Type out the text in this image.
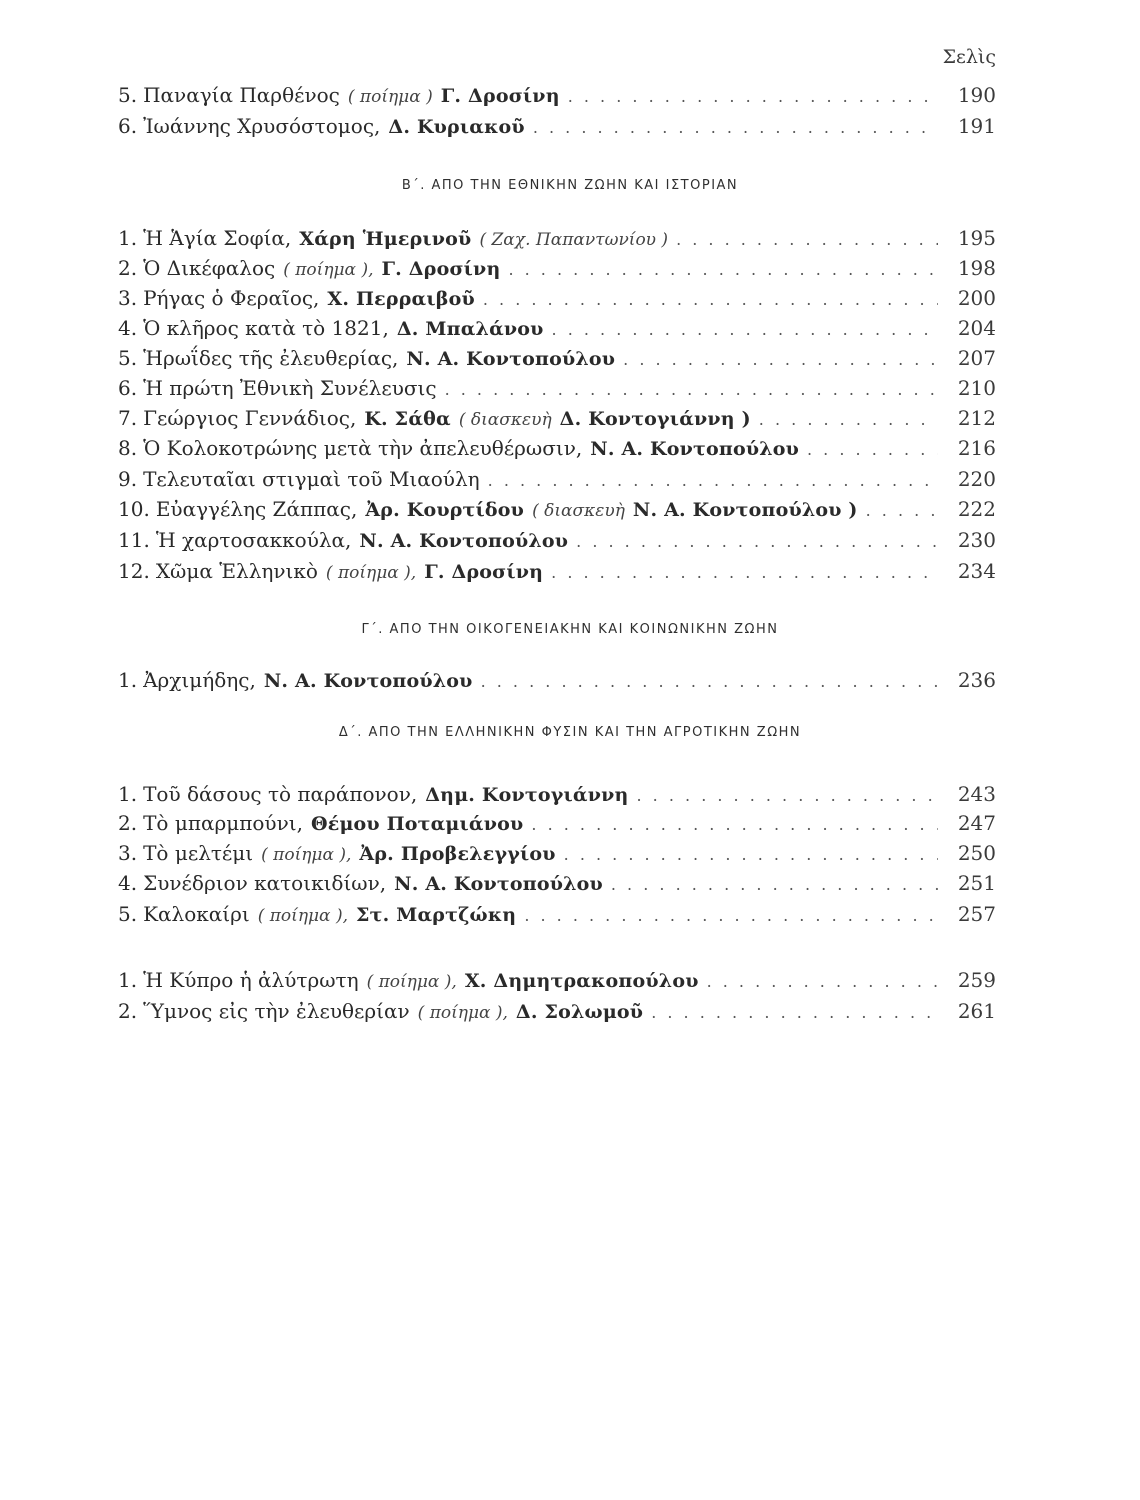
Σελὶς
5. Παναγία Παρθένος ( ποίημα ) Γ. Δροσίνη . . .	190
6. Ἰωάννης Χρυσόστομος, Δ. Κυριακοῦ . . .	191
Β΄. ΑΠΟ ΤΗΝ ΕΘΝΙΚΗΝ ΖΩΗΝ ΚΑΙ ΙΣΤΟΡΙΑΝ
1. Ἡ Ἁγία Σοφία, Χάρη Ἡμερινοῦ ( Ζαχ. Παπαντωνίου ) . . .	195
2. Ὁ Δικέφαλος ( ποίημα ), Γ. Δροσίνη . . .	198
3. Ρήγας ὁ Φεραῖος, Χ. Περραιβοῦ . . .	200
4. Ὁ κλῆρος κατὰ τὸ 1821, Δ. Μπαλάνου . . .	204
5. Ἡρωΐδες τῆς ἐλευθερίας, Ν. Α. Κοντοπούλου . . .	207
6. Ἡ πρώτη Ἐθνικὴ Συνέλευσις . . .	210
7. Γεώργιος Γεννάδιος, Κ. Σάθα ( διασκευὴ Δ. Κοντογιάννη ) . . .	212
8. Ὁ Κολοκοτρώνης μετὰ τὴν ἀπελευθέρωσιν, Ν. Α. Κοντοπούλου . . .	216
9. Τελευταῖαι στιγμαὶ τοῦ Μιαούλη . . .	220
10. Εὐαγγέλης Ζάππας, Ἀρ. Κουρτίδου ( διασκευὴ Ν. Α. Κοντοπούλου ) . . .	222
11. Ἡ χαρτοσακκούλα, Ν. Α. Κοντοπούλου . . .	230
12. Χῶμα Ἑλληνικὸ ( ποίημα ), Γ. Δροσίνη . . .	234
Γ΄. ΑΠΟ ΤΗΝ ΟΙΚΟΓΕΝΕΙΑΚΗΝ ΚΑΙ ΚΟΙΝΩΝΙΚΗΝ ΖΩΗΝ
1. Ἀρχιμήδης, Ν. Α. Κοντοπούλου . . .	236
Δ΄. ΑΠΟ ΤΗΝ ΕΛΛΗΝΙΚΗΝ ΦΥΣΙΝ ΚΑΙ ΤΗΝ ΑΓΡΟΤΙΚΗΝ ΖΩΗΝ
1. Τοῦ δάσους τὸ παράπονον, Δημ. Κοντογιάννη . . .	243
2. Τὸ μπαρμπούνι, Θέμου Ποταμιάνου . . .	247
3. Τὸ μελτέμι ( ποίημα ), Ἀρ. Προβελεγγίου . . .	250
4. Συνέδριον κατοικιδίων, Ν. Α. Κοντοπούλου . . .	251
5. Καλοκαίρι ( ποίημα ), Στ. Μαρτζώκη . . .	257
1. Ἡ Κύπρο ἡ ἀλύτρωτη ( ποίημα ), Χ. Δημητρακοπούλου . . .	259
2. Ὕμνος εἰς τὴν ἐλευθερίαν ( ποίημα ), Δ. Σολωμοῦ . . .	261
